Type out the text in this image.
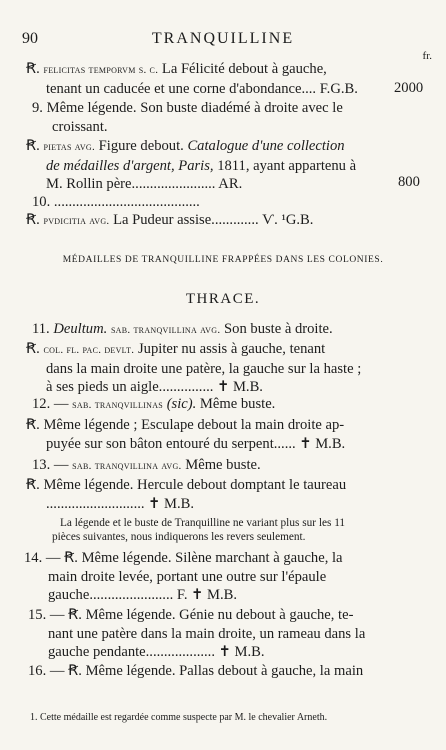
90	TRANQUILLINE
fr.
Ꞧ. felicitas temporvm s. c. La Félicité debout à gauche,
tenant un caducée et une corne d'abondance.... F.G.B. 2000
9. Même légende. Son buste diadémé à droite avec le
croissant.
Ꞧ. pietas avg. Figure debout. Catalogue d'une collection
de médailles d'argent, Paris, 1811, ayant appartenu à
M. Rollin père....................... AR.	800
10. ........................................
Ꞧ. pvdicitia avg. La Pudeur assise............. Ѵ. ¹G.B.
MÉDAILLES DE TRANQUILLINE FRAPPÉES DANS LES COLONIES.
THRACE.
11. Deultum. sab. tranqvillina avg. Son buste à droite.
Ꞧ. col. fl. pac. devlt. Jupiter nu assis à gauche, tenant
dans la main droite une patère, la gauche sur la haste ;
à ses pieds un aigle............... ✝ M.B.
12. — sab. tranqvillinas (sic). Même buste.
Ꞧ. Même légende ; Esculape debout la main droite ap-
puyée sur son bâton entouré du serpent...... ✝ M.B.
13. — sab. tranqvillina avg. Même buste.
Ꞧ. Même légende. Hercule debout domptant le taureau
........................... ✝ M.B.
La légende et le buste de Tranquilline ne variant plus sur les 11
pièces suivantes, nous indiquerons les revers seulement.
14. — Ꞧ. Même légende. Silène marchant à gauche, la
main droite levée, portant une outre sur l'épaule
gauche....................... F. ✝ M.B.
15. — Ꞧ. Même légende. Génie nu debout à gauche, te-
nant une patère dans la main droite, un rameau dans la
gauche pendante................... ✝ M.B.
16. — Ꞧ. Même légende. Pallas debout à gauche, la main
1. Cette médaille est regardée comme suspecte par M. le chevalier Arneth.
